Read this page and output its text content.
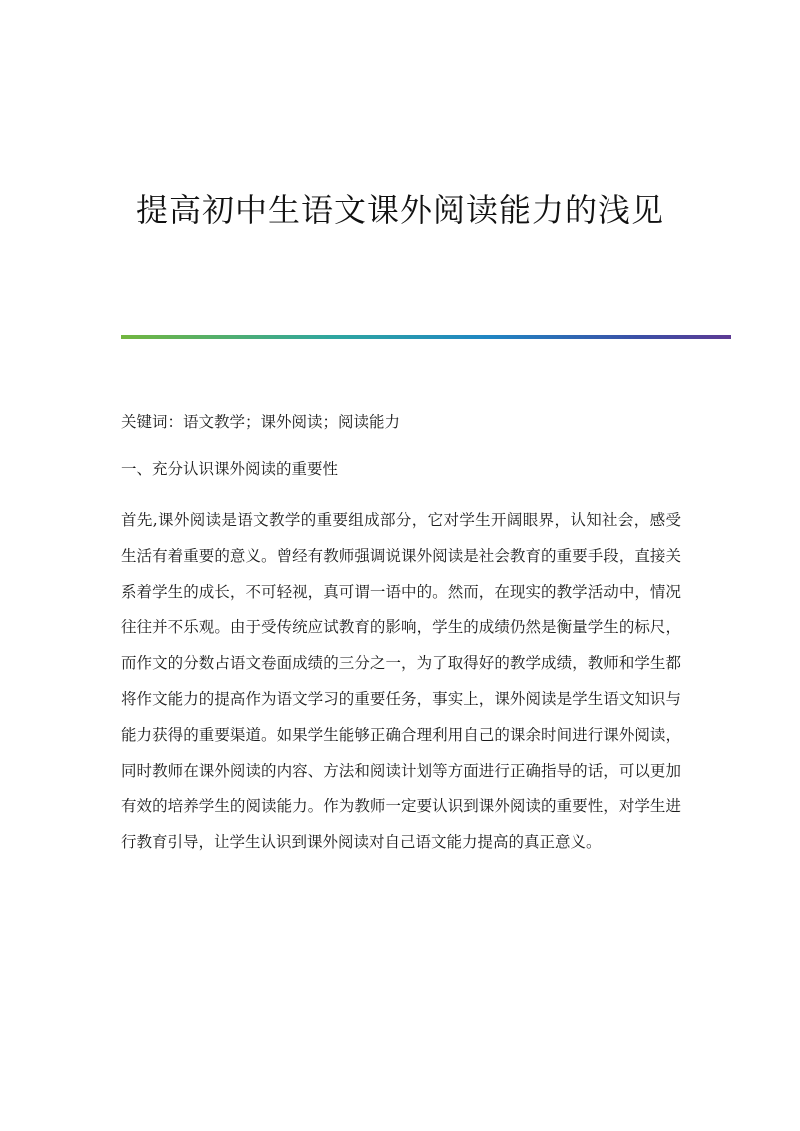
提高初中生语文课外阅读能力的浅见

关键词：语文教学；课外阅读；阅读能力

一、充分认识课外阅读的重要性

首先,课外阅读是语文教学的重要组成部分，它对学生开阔眼界，认知社会，感受生活有着重要的意义。曾经有教师强调说课外阅读是社会教育的重要手段，直接关系着学生的成长，不可轻视，真可谓一语中的。然而，在现实的教学活动中，情况往往并不乐观。由于受传统应试教育的影响，学生的成绩仍然是衡量学生的标尺，而作文的分数占语文卷面成绩的三分之一，为了取得好的教学成绩，教师和学生都将作文能力的提高作为语文学习的重要任务，事实上，课外阅读是学生语文知识与能力获得的重要渠道。如果学生能够正确合理利用自己的课余时间进行课外阅读，同时教师在课外阅读的内容、方法和阅读计划等方面进行正确指导的话，可以更加有效的培养学生的阅读能力。作为教师一定要认识到课外阅读的重要性，对学生进行教育引导，让学生认识到课外阅读对自己语文能力提高的真正意义。
